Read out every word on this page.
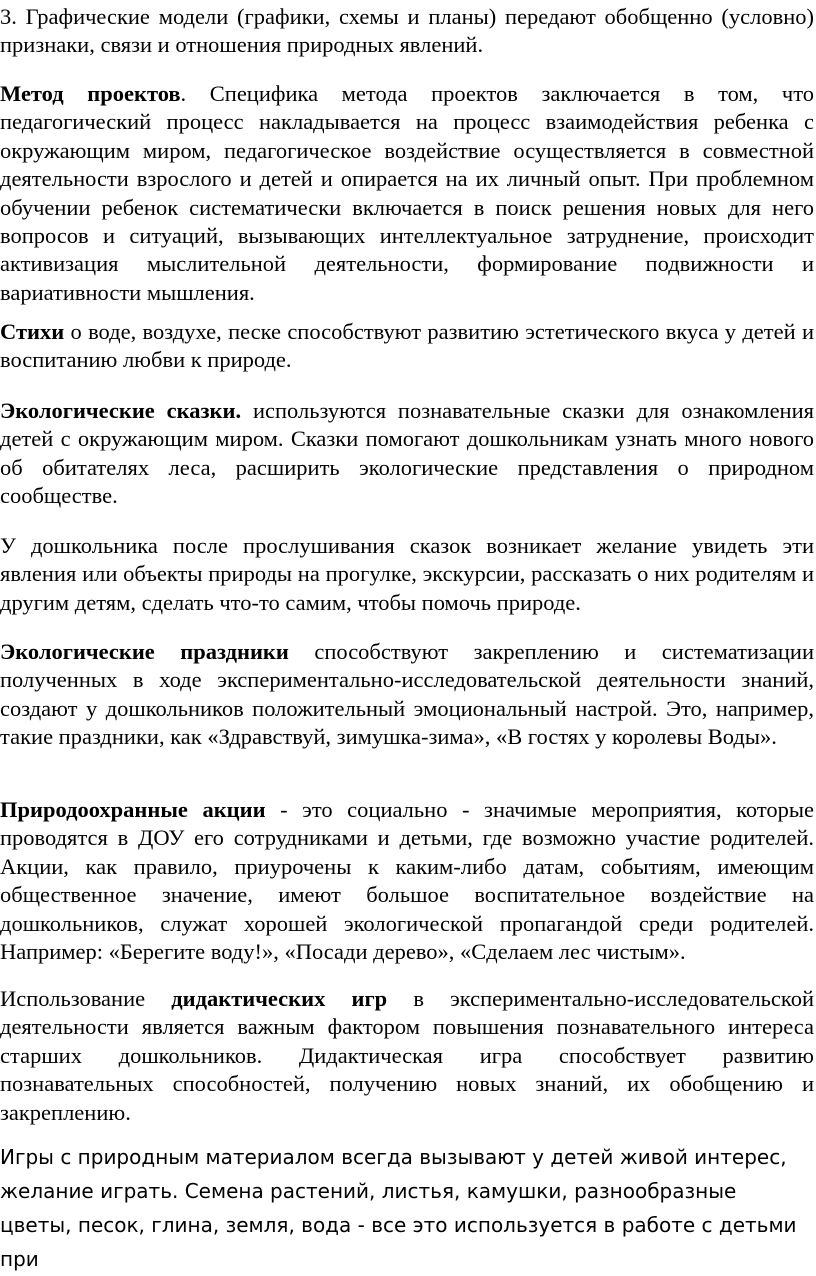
3. Графические модели (графики, схемы и планы) передают обобщенно (условно) признаки, связи и отношения природных явлений.

Метод проектов. Специфика метода проектов заключается в том, что педагогический процесс накладывается на процесс взаимодействия ребенка с окружающим миром, педагогическое воздействие осуществляется в совместной деятельности взрослого и детей и опирается на их личный опыт. При проблемном обучении ребенок систематически включается в поиск решения новых для него вопросов и ситуаций, вызывающих интеллектуальное затруднение, происходит активизация мыслительной деятельности, формирование подвижности и вариативности мышления.

Стихи о воде, воздухе, песке способствуют развитию эстетического вкуса у детей и воспитанию любви к природе.

Экологические сказки. используются познавательные сказки для ознакомления детей с окружающим миром. Сказки помогают дошкольникам узнать много нового об обитателях леса, расширить экологические представления о природном сообществе.

У дошкольника после прослушивания сказок возникает желание увидеть эти явления или объекты природы на прогулке, экскурсии, рассказать о них родителям и другим детям, сделать что-то самим, чтобы помочь природе.

Экологические праздники способствуют закреплению и систематизации полученных в ходе экспериментально-исследовательской деятельности знаний, создают у дошкольников положительный эмоциональный настрой. Это, например, такие праздники, как «Здравствуй, зимушка-зима», «В гостях у королевы Воды».

Природоохранные акции - это социально - значимые мероприятия, которые проводятся в ДОУ его сотрудниками и детьми, где возможно участие родителей. Акции, как правило, приурочены к каким-либо датам, событиям, имеющим общественное значение, имеют большое воспитательное воздействие на дошкольников, служат хорошей экологической пропагандой среди родителей. Например: «Берегите воду!», «Посади дерево», «Сделаем лес чистым».

Использование дидактических игр в экспериментально-исследовательской деятельности является важным фактором повышения познавательного интереса старших дошкольников. Дидактическая игра способствует развитию познавательных способностей, получению новых знаний, их обобщению и закреплению.

Игры с природным материалом всегда вызывают у детей живой интерес, желание играть. Семена растений, листья, камушки, разнообразные цветы, песок, глина, земля, вода - все это используется в работе с детьми при
